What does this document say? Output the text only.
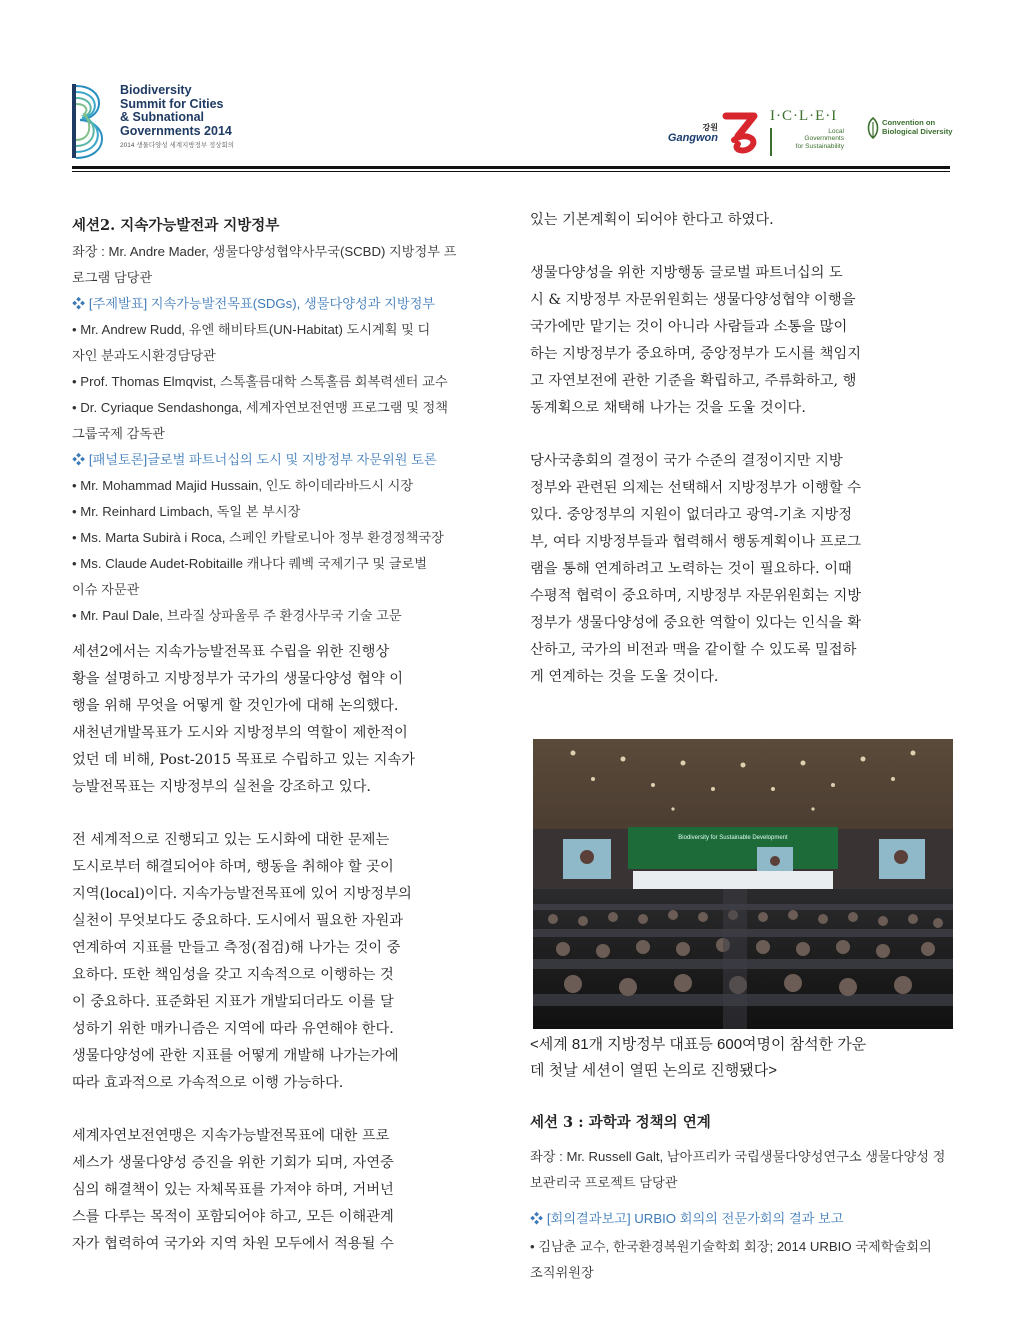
Biodiversity
Summit for Cities
& Subnational
Governments 2014
2014 생물다양성 세계지방정부 정상회의
강원
Gangwon
I·C·L·E·I
Local
Governments
for Sustainability
Convention on
Biological Diversity

세션2. 지속가능발전과 지방정부

좌장 : Mr. Andre Mader, 생물다양성협약사무국(SCBD) 지방정부 프
로그램 담당관

❖ [주제발표] 지속가능발전목표(SDGs), 생물다양성과 지방정부

• Mr. Andrew Rudd, 유엔 해비타트(UN-Habitat) 도시계획 및 디
자인 분과도시환경담당관

• Prof. Thomas Elmqvist, 스톡홀름대학 스톡홀름 회복력센터 교수

• Dr. Cyriaque Sendashonga, 세계자연보전연맹 프로그램 및 정책
그룹국제 감독관

❖ [패널토론]글로벌 파트너십의 도시 및 지방정부 자문위원 토론

• Mr. Mohammad Majid Hussain, 인도 하이데라바드시 시장

• Mr. Reinhard Limbach, 독일 본 부시장

• Ms. Marta Subirà i Roca, 스페인 카탈로니아 정부 환경정책국장

• Ms. Claude Audet-Robitaille 캐나다 퀘벡 국제기구 및 글로벌
이슈 자문관

• Mr. Paul Dale, 브라질 상파울루 주 환경사무국 기술 고문

세션2에서는 지속가능발전목표 수립을 위한 진행상
황을 설명하고 지방정부가 국가의 생물다양성 협약 이
행을 위해 무엇을 어떻게 할 것인가에 대해 논의했다.
새천년개발목표가 도시와 지방정부의 역할이 제한적이
었던 데 비해, Post-2015 목표로 수립하고 있는 지속가
능발전목표는 지방정부의 실천을 강조하고 있다.

전 세계적으로 진행되고 있는 도시화에 대한 문제는
도시로부터 해결되어야 하며, 행동을 취해야 할 곳이
지역(local)이다. 지속가능발전목표에 있어 지방정부의
실천이 무엇보다도 중요하다. 도시에서 필요한 자원과
연계하여 지표를 만들고 측정(점검)해 나가는 것이 중
요하다. 또한 책임성을 갖고 지속적으로 이행하는 것
이 중요하다. 표준화된 지표가 개발되더라도 이를 달
성하기 위한 매카니즘은 지역에 따라 유연해야 한다.
생물다양성에 관한 지표를 어떻게 개발해 나가는가에
따라 효과적으로 가속적으로 이행 가능하다.

세계자연보전연맹은 지속가능발전목표에 대한 프로
세스가 생물다양성 증진을 위한 기회가 되며, 자연중
심의 해결책이 있는 자체목표를 가져야 하며, 거버넌
스를 다루는 목적이 포함되어야 하고, 모든 이해관계
자가 협력하여 국가와 지역 차원 모두에서 적용될 수

있는 기본계획이 되어야 한다고 하였다.

생물다양성을 위한 지방행동 글로벌 파트너십의 도
시 & 지방정부 자문위원회는 생물다양성협약 이행을
국가에만 맡기는 것이 아니라 사람들과 소통을 많이
하는 지방정부가 중요하며, 중앙정부가 도시를 책임지
고 자연보전에 관한 기준을 확립하고, 주류화하고, 행
동계획으로 채택해 나가는 것을 도울 것이다.

당사국총회의 결정이 국가 수준의 결정이지만 지방
정부와 관련된 의제는 선택해서 지방정부가 이행할 수
있다. 중앙정부의 지원이 없더라고 광역-기초 지방정
부, 여타 지방정부들과 협력해서 행동계획이나 프로그
램을 통해 연계하려고 노력하는 것이 필요하다. 이때
수평적 협력이 중요하며, 지방정부 자문위원회는 지방
정부가 생물다양성에 중요한 역할이 있다는 인식을 확
산하고, 국가의 비전과 맥을 같이할 수 있도록 밀접하
게 연계하는 것을 도울 것이다.

Biodiversity for Sustainable Development
<세계 81개 지방정부 대표등 600여명이 참석한 가운
데 첫날 세션이 열띤 논의로 진행됐다>

세션 3 : 과학과 정책의 연계

좌장 : Mr. Russell Galt, 남아프리카 국립생물다양성연구소 생물다양성 정
보관리국 프로젝트 담당관

❖ [회의결과보고] URBIO 회의의 전문가회의 결과 보고

• 김남춘 교수, 한국환경복원기술학회 회장; 2014 URBIO 국제학술회의
조직위원장
